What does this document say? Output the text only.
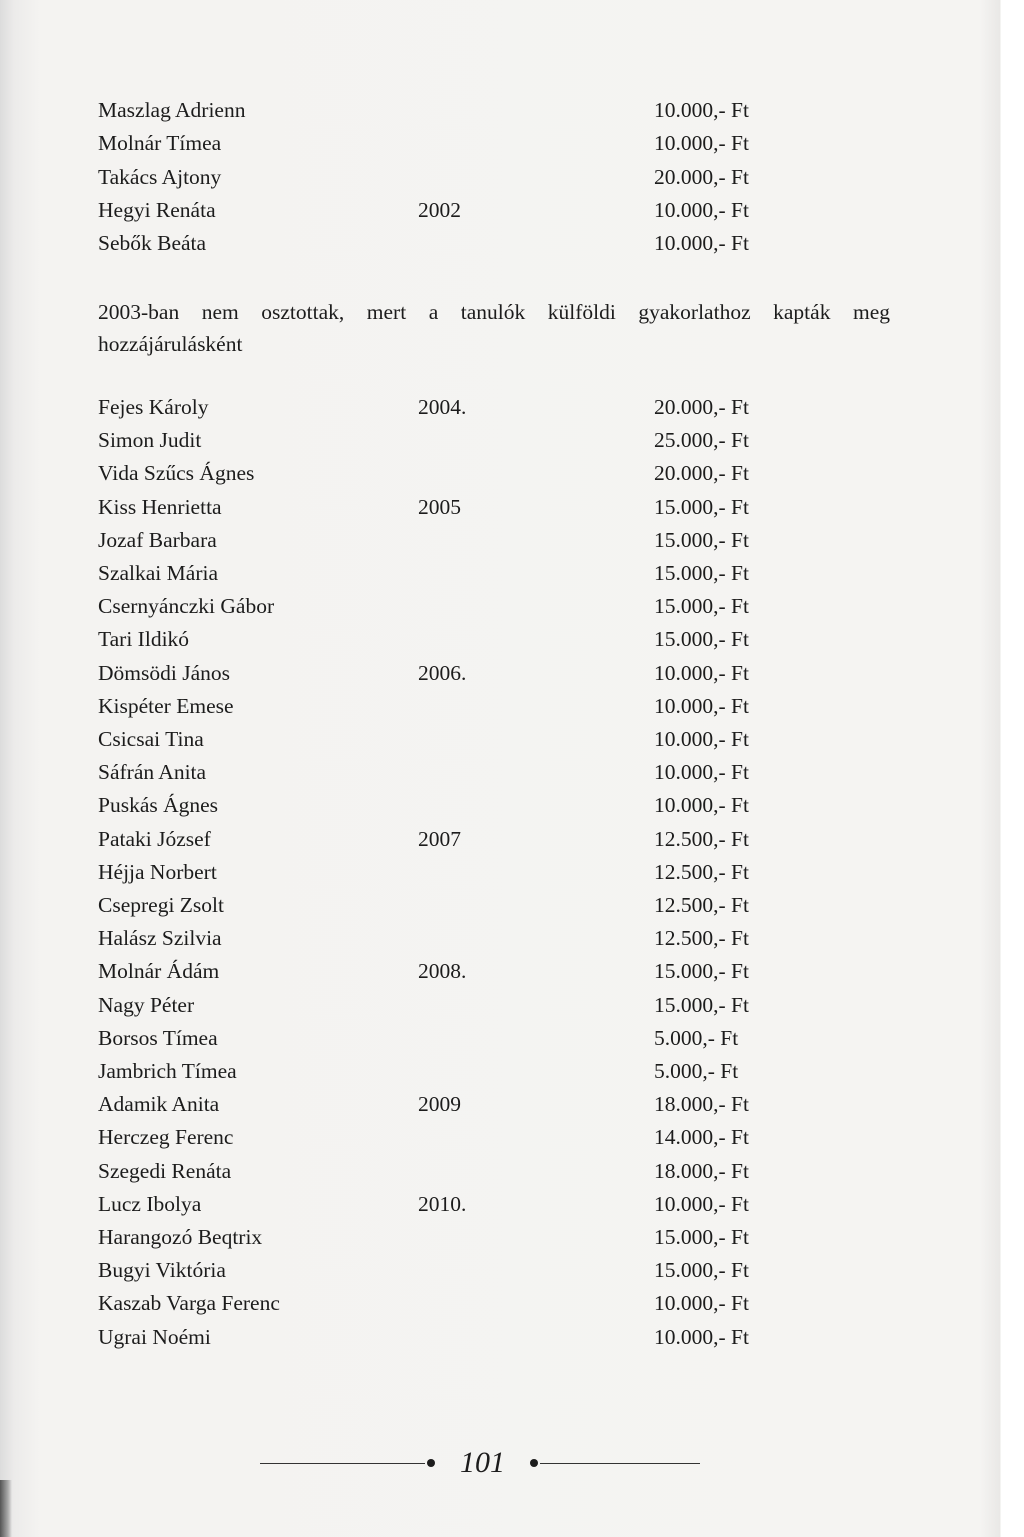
Maszlag Adrienn	10.000,- Ft
Molnár Tímea	10.000,- Ft
Takács Ajtony	20.000,- Ft
Hegyi Renáta	2002	10.000,- Ft
Sebők Beáta	10.000,- Ft
2003-ban nem osztottak, mert a tanulók külföldi gyakorlathoz kapták meg
hozzájárulásként
Fejes Károly	2004.	20.000,- Ft
Simon Judit	25.000,- Ft
Vida Szűcs Ágnes	20.000,- Ft
Kiss Henrietta	2005	15.000,- Ft
Jozaf Barbara	15.000,- Ft
Szalkai Mária	15.000,- Ft
Csernyánczki Gábor	15.000,- Ft
Tari Ildikó	15.000,- Ft
Dömsödi János	2006.	10.000,- Ft
Kispéter Emese	10.000,- Ft
Csicsai Tina	10.000,- Ft
Sáfrán Anita	10.000,- Ft
Puskás Ágnes	10.000,- Ft
Pataki József	2007	12.500,- Ft
Héjja Norbert	12.500,- Ft
Csepregi Zsolt	12.500,- Ft
Halász Szilvia	12.500,- Ft
Molnár Ádám	2008.	15.000,- Ft
Nagy Péter	15.000,- Ft
Borsos Tímea	5.000,- Ft
Jambrich Tímea	5.000,- Ft
Adamik Anita	2009	18.000,- Ft
Herczeg Ferenc	14.000,- Ft
Szegedi Renáta	18.000,- Ft
Lucz Ibolya	2010.	10.000,- Ft
Harangozó Beqtrix	15.000,- Ft
Bugyi Viktória	15.000,- Ft
Kaszab Varga Ferenc	10.000,- Ft
Ugrai Noémi	10.000,- Ft
101
